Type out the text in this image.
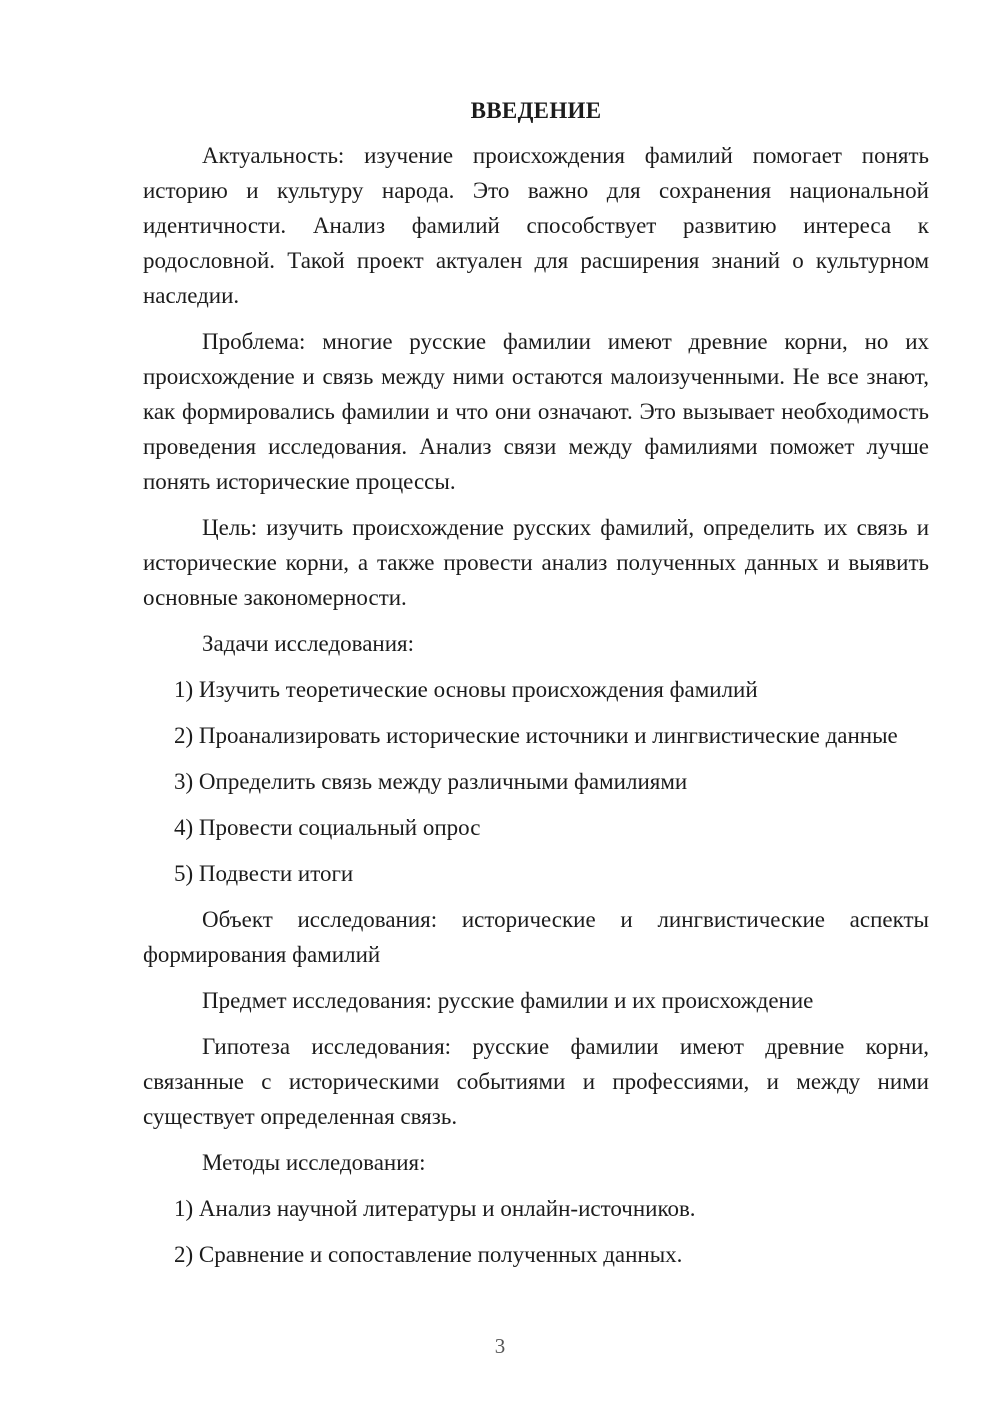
ВВЕДЕНИЕ

Актуальность: изучение происхождения фамилий помогает понять историю и культуру народа. Это важно для сохранения национальной идентичности. Анализ фамилий способствует развитию интереса к родословной. Такой проект актуален для расширения знаний о культурном наследии.

Проблема: многие русские фамилии имеют древние корни, но их происхождение и связь между ними остаются малоизученными. Не все знают, как формировались фамилии и что они означают. Это вызывает необходимость проведения исследования. Анализ связи между фамилиями поможет лучше понять исторические процессы.

Цель: изучить происхождение русских фамилий, определить их связь и исторические корни, а также провести анализ полученных данных и выявить основные закономерности.

Задачи исследования:

1) Изучить теоретические основы происхождения фамилий

2) Проанализировать исторические источники и лингвистические данные

3) Определить связь между различными фамилиями

4) Провести социальный опрос

5) Подвести итоги

Объект исследования: исторические и лингвистические аспекты формирования фамилий

Предмет исследования: русские фамилии и их происхождение

Гипотеза исследования: русские фамилии имеют древние корни, связанные с историческими событиями и профессиями, и между ними существует определенная связь.

Методы исследования:

1) Анализ научной литературы и онлайн-источников.

2) Сравнение и сопоставление полученных данных.

3
